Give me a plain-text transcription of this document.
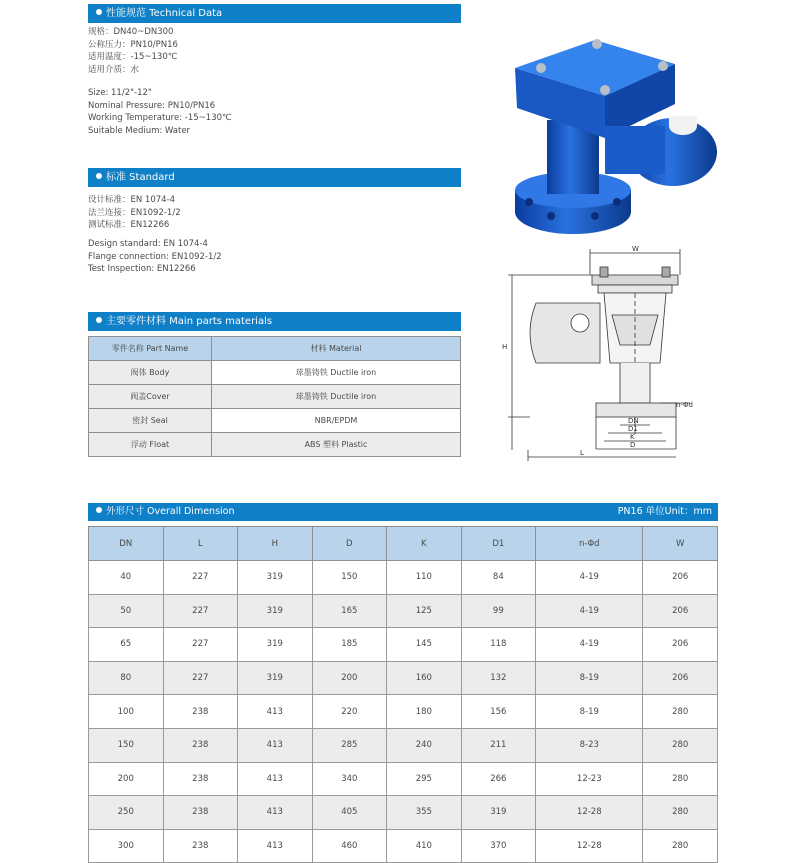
性能规范 Technical Data
规格：DN40~DN300
公称压力：PN10/PN16
适用温度：-15~130℃
适用介质：水
Size: 11/2"-12"
Nominal Pressure: PN10/PN16
Working Temperature: -15~130℃
Suitable Medium: Water
标准 Standard
设计标准：EN 1074-4
法兰连接：EN1092-1/2
测试标准：EN12266
Design standard: EN 1074-4
Flange connection: EN1092-1/2
Test Inspection: EN12266
主要零件材料 Main parts materials
零件名称 Part Name	材料 Material
阀体 Body	球墨铸铁 Ductile iron
阀盖Cover	球墨铸铁 Ductile iron
密封 Seal	NBR/EPDM
浮动 Float	ABS 塑料 Plastic
W
H
L
DN
D1
K
D
n-Φd
外形尺寸 Overall Dimension	PN16 单位Unit：mm
DN	L	H	D	K	D1	n-Φd	W
40	227	319	150	110	84	4-19	206
50	227	319	165	125	99	4-19	206
65	227	319	185	145	118	4-19	206
80	227	319	200	160	132	8-19	206
100	238	413	220	180	156	8-19	280
150	238	413	285	240	211	8-23	280
200	238	413	340	295	266	12-23	280
250	238	413	405	355	319	12-28	280
300	238	413	460	410	370	12-28	280
